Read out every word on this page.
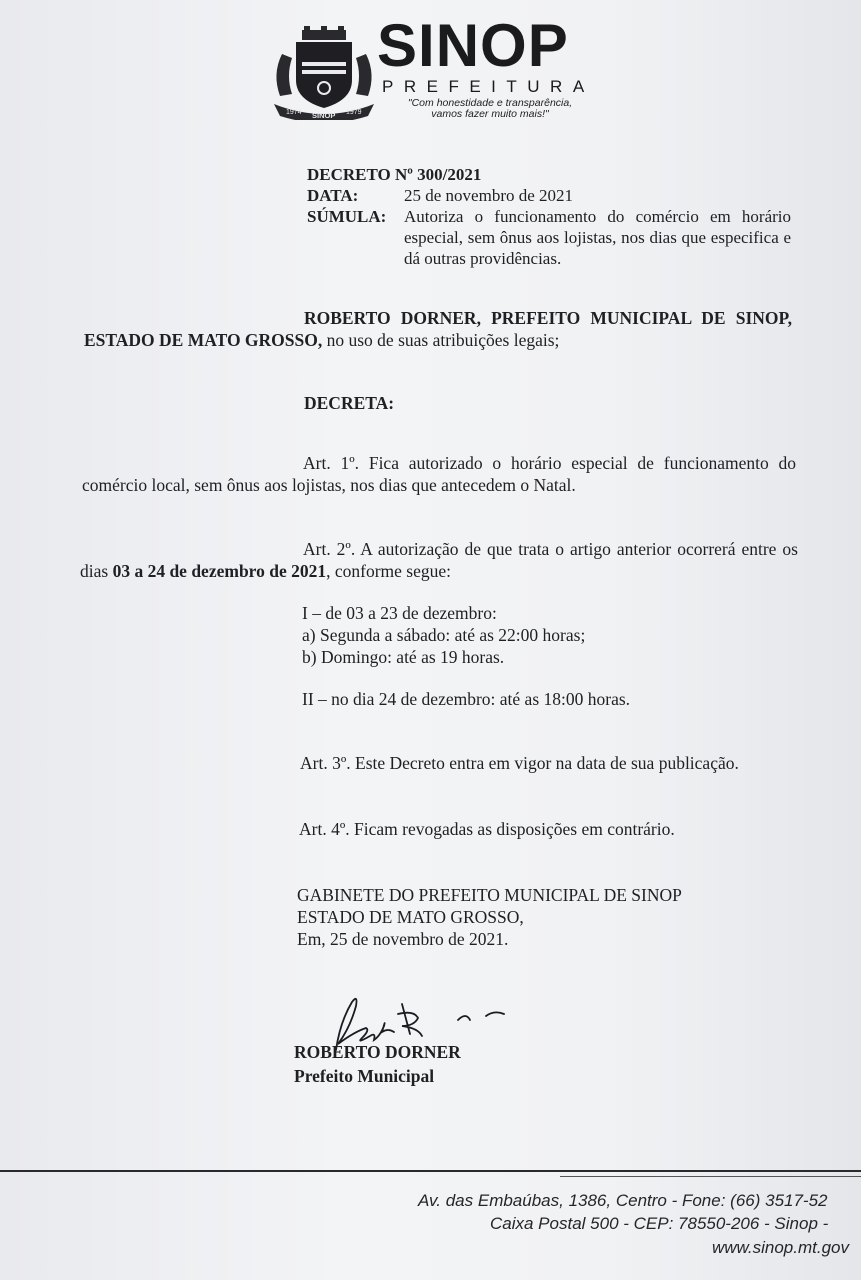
1974 SINOP 1979
SINOP
PREFEITURA
"Com honestidade e transparência,
vamos fazer muito mais!"
DECRETO Nº 300/2021
DATA:	25 de novembro de 2021
SÚMULA: Autoriza o funcionamento do comércio em horário especial, sem ônus aos lojistas, nos dias que especifica e dá outras providências.
ROBERTO DORNER, PREFEITO MUNICIPAL DE SINOP, ESTADO DE MATO GROSSO, no uso de suas atribuições legais;
DECRETA:
Art. 1º. Fica autorizado o horário especial de funcionamento do comércio local, sem ônus aos lojistas, nos dias que antecedem o Natal.
Art. 2º. A autorização de que trata o artigo anterior ocorrerá entre os dias 03 a 24 de dezembro de 2021, conforme segue:
I – de 03 a 23 de dezembro:
a) Segunda a sábado: até as 22:00 horas;
b) Domingo: até as 19 horas.
II – no dia 24 de dezembro: até as 18:00 horas.
Art. 3º. Este Decreto entra em vigor na data de sua publicação.
Art. 4º. Ficam revogadas as disposições em contrário.
GABINETE DO PREFEITO MUNICIPAL DE SINOP
ESTADO DE MATO GROSSO,
Em, 25 de novembro de 2021.
ROBERTO DORNER
Prefeito Municipal
Av. das Embaúbas, 1386, Centro - Fone: (66) 3517-52
Caixa Postal 500 - CEP: 78550-206 - Sinop -
www.sinop.mt.gov
